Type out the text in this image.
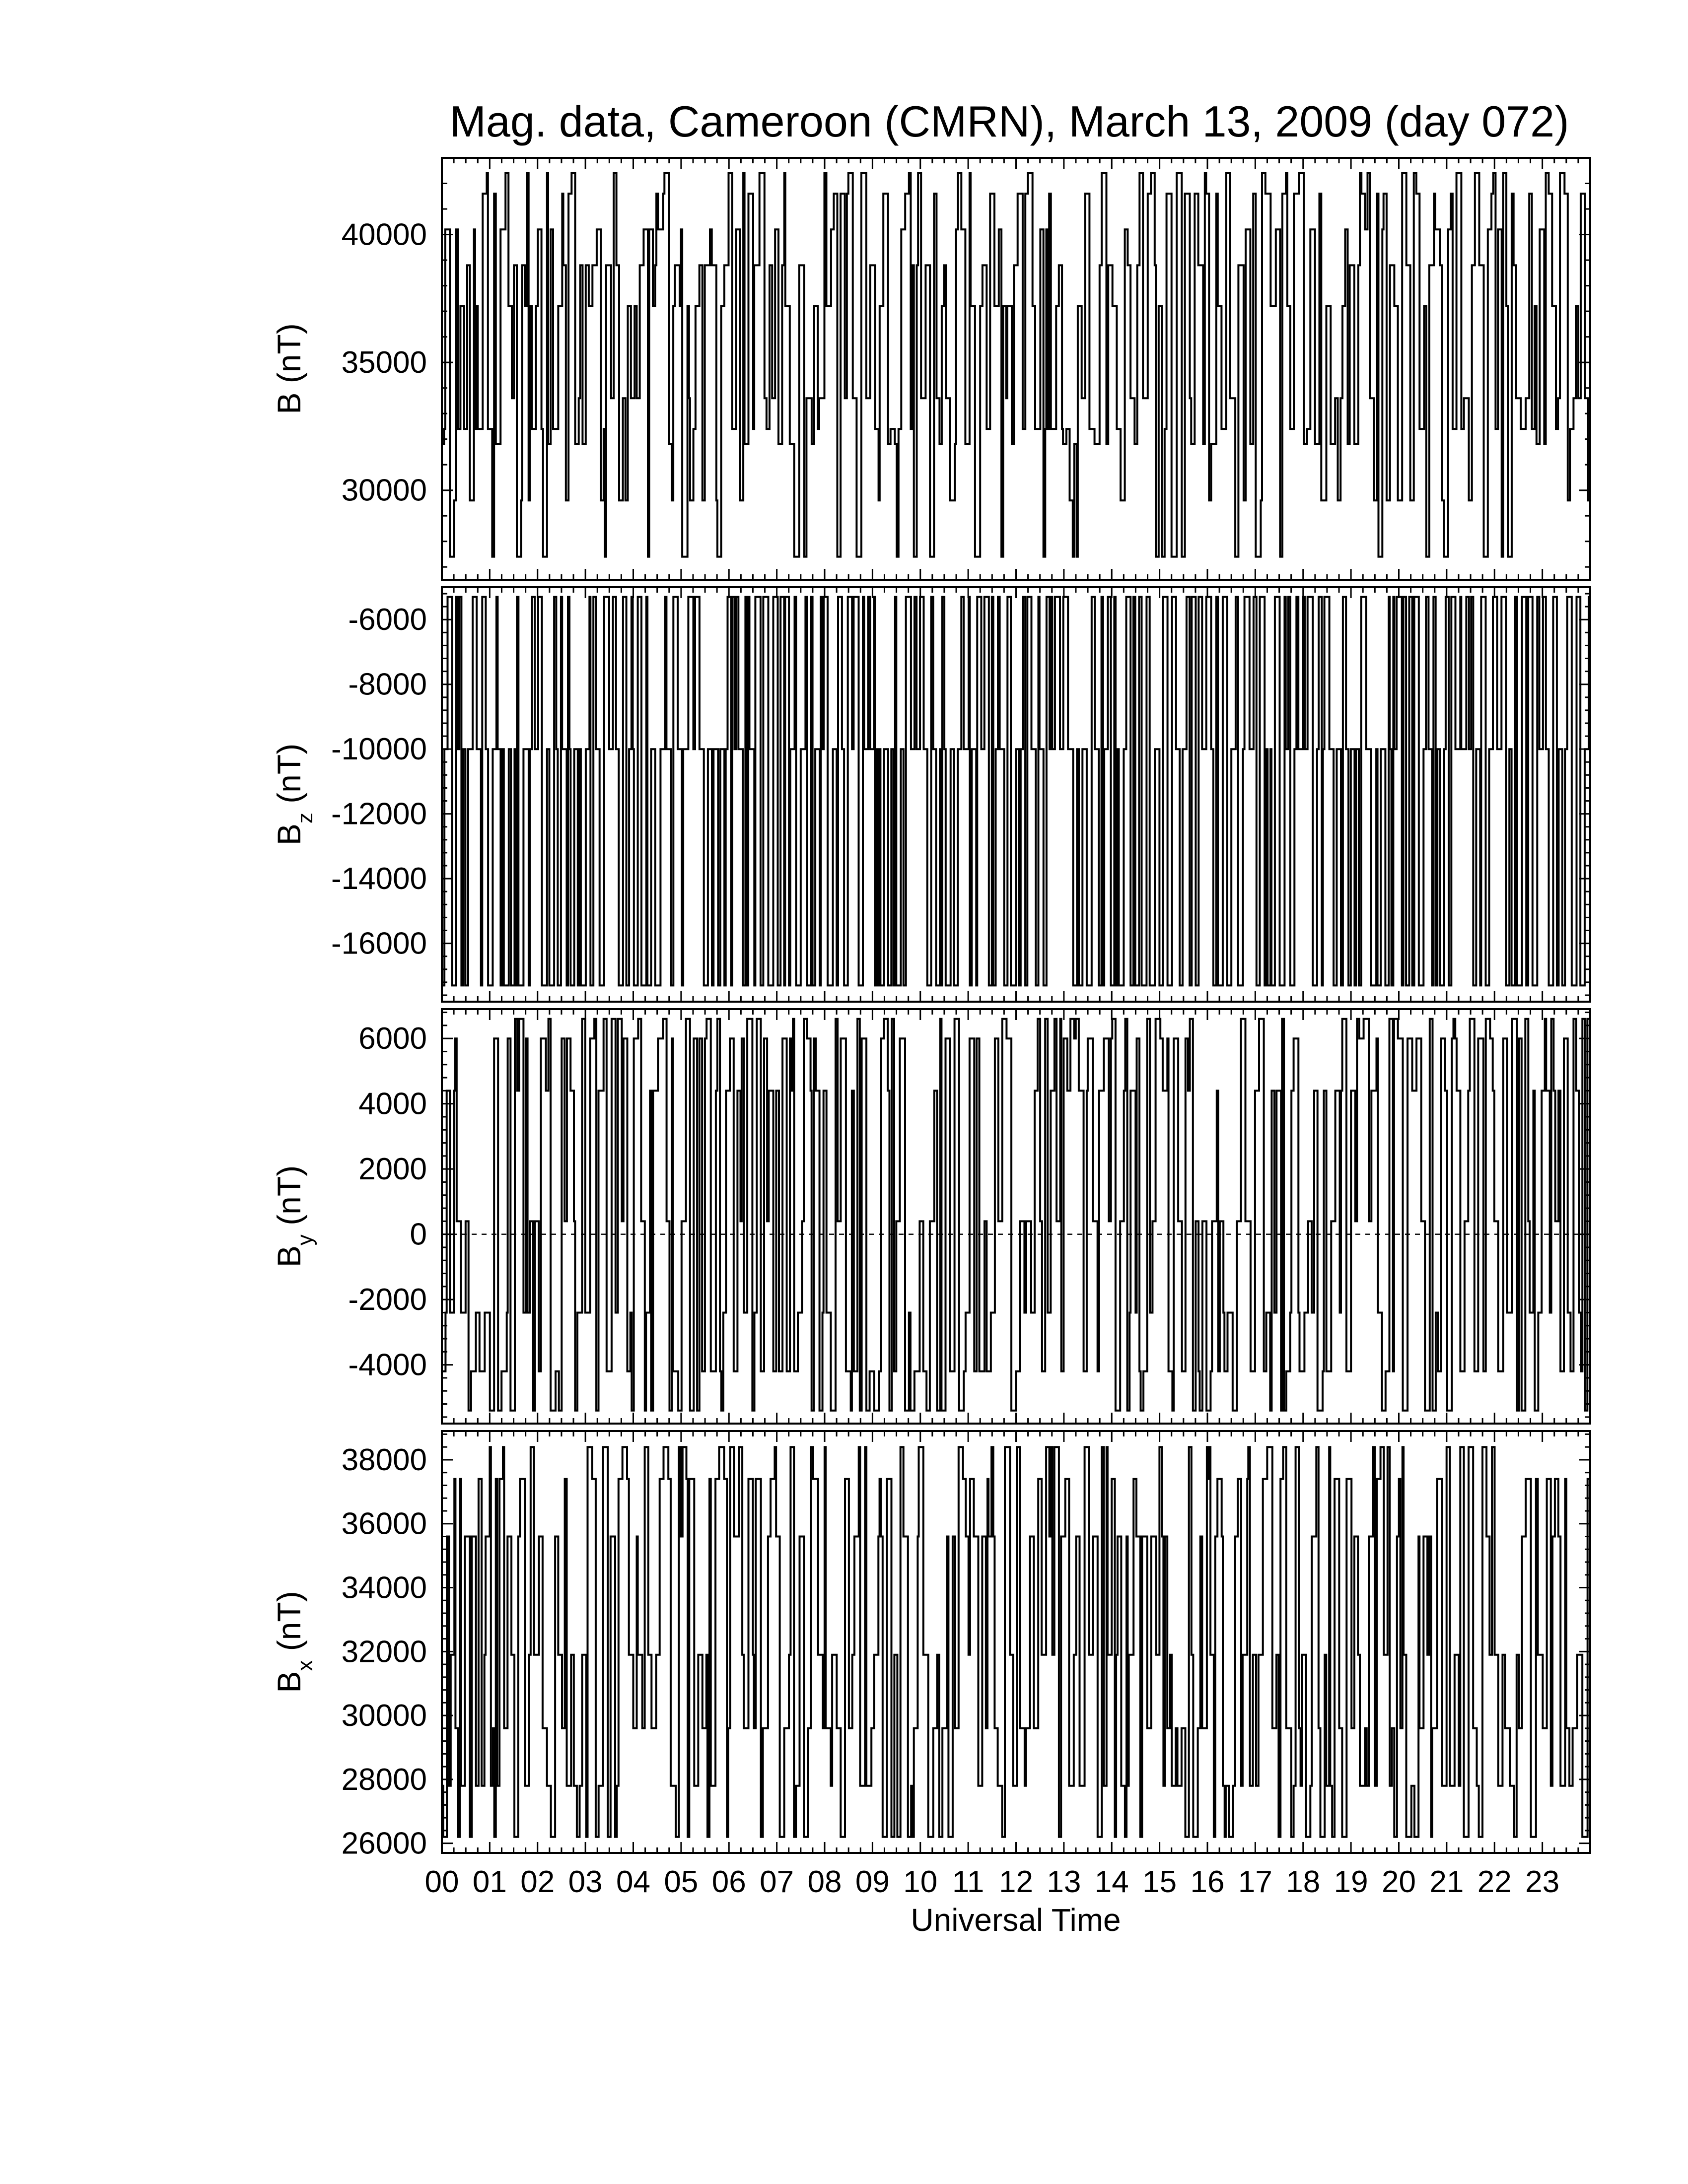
Mag. data, Cameroon (CMRN), March 13, 2009 (day 072)
30000
35000
40000
B (nT)
-16000
-14000
-12000
-10000
-8000
-6000
$B_z$ (nT)
-4000
-2000
0
2000
4000
6000
$B_y$ (nT)
26000
28000
30000
32000
34000
36000
38000
$B_x$ (nT)
00 01 02 03 04 05 06 07 08 09 10 11 12 13 14 15 16 17 18 19 20 21 22 23
Universal Time
